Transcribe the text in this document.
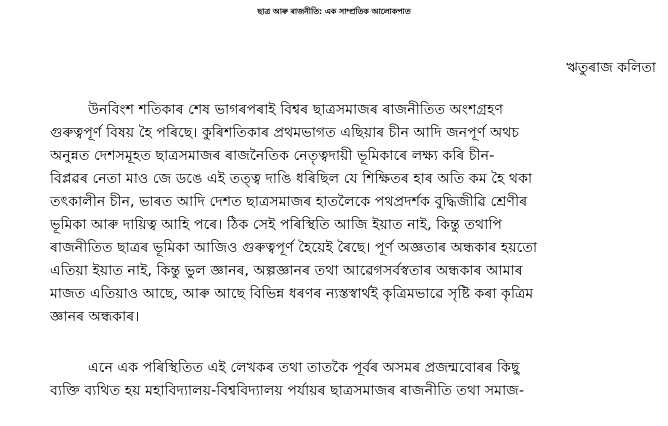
ছাত্ৰ আৰু ৰাজনীতি: এক সাম্প্ৰতিক আলোকপাত
ঋতুৰাজ কলিতা
উনবিংশ শতিকাৰ শেষ ভাগৰপৰাই বিশ্বৰ ছাত্ৰসমাজৰ ৰাজনীতিত অংশগ্ৰহণ
গুৰুত্বপূৰ্ণ বিষয় হৈ পৰিছে। কুৰিশতিকাৰ প্ৰথমভাগত এছিয়াৰ চীন আদি জনপূৰ্ণ অথচ
অনুন্নত দেশসমূহত ছাত্ৰসমাজৰ ৰাজনৈতিক নেতৃত্বদায়ী ভূমিকাৰে লক্ষ্য কৰি চীন-
বিপ্লৱৰ নেতা মাও জে ডঙে এই তত্ত্ব দাঙি ধৰিছিল যে শিক্ষিতৰ হাৰ অতি কম হৈ থকা
তৎকালীন চীন, ভাৰত আদি দেশত ছাত্ৰসমাজৰ হাতলৈকে পথপ্ৰদৰ্শক বুদ্ধিজীৱি শ্ৰেণীৰ
ভূমিকা আৰু দায়িত্ব আহি পৰে। ঠিক সেই পৰিস্থিতি আজি ইয়াত নাই, কিন্তু তথাপি
ৰাজনীতিত ছাত্ৰৰ ভূমিকা আজিও গুৰুত্বপূৰ্ণ হৈয়েই ৰৈছে। পূৰ্ণ অজ্ঞতাৰ অন্ধকাৰ হয়তো
এতিয়া ইয়াত নাই, কিন্তু ভুল জ্ঞানৰ, অল্পজ্ঞানৰ তথা আৱেগসৰ্বস্বতাৰ অন্ধকাৰ আমাৰ
মাজত এতিয়াও আছে, আৰু আছে বিভিন্ন ধৰণৰ ন্যস্তস্বাৰ্থই কৃত্ৰিমভাৱে সৃষ্টি কৰা কৃত্ৰিম
জ্ঞানৰ অন্ধকাৰ।
এনে এক পৰিস্থিতিত এই লেখকৰ তথা তাতকৈ পূৰ্বৰ অসমৰ প্ৰজন্মবোৰৰ কিছু
ব্যক্তি ব্যথিত হয় মহাবিদ্যালয়-বিশ্ববিদ্যালয় পৰ্যায়ৰ ছাত্ৰসমাজৰ ৰাজনীতি তথা সমাজ-
